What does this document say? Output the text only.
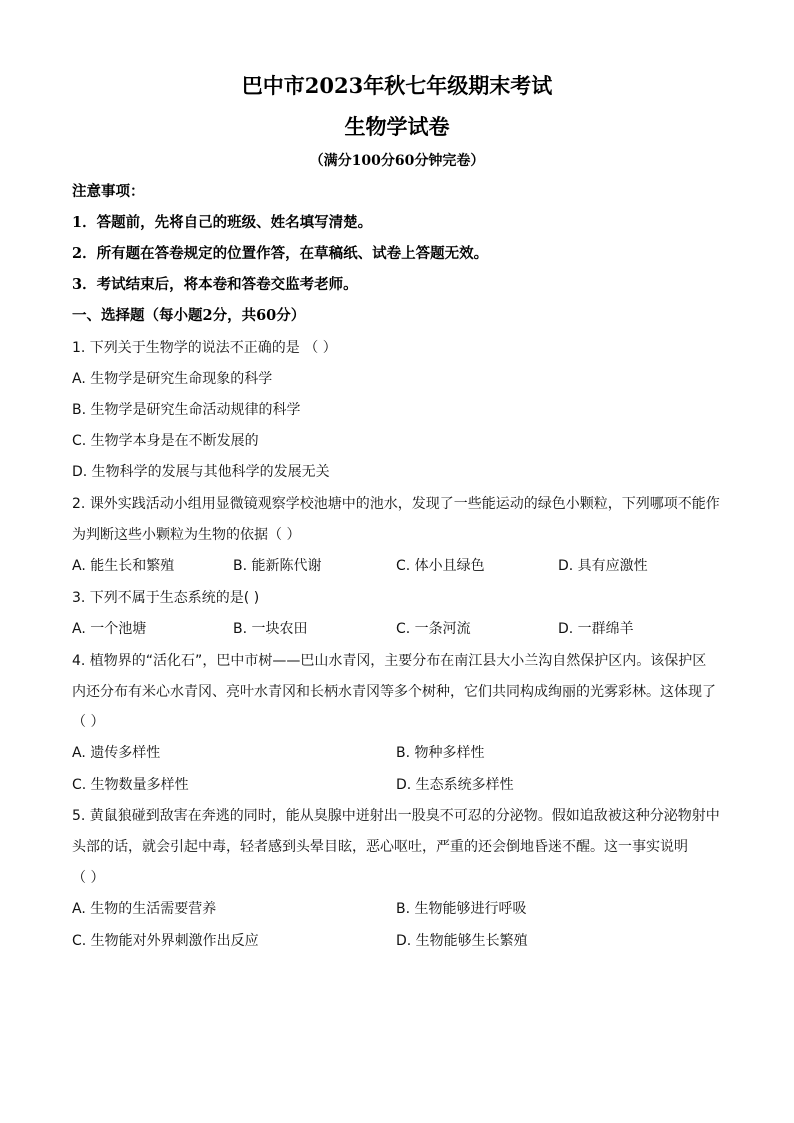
巴中市2023年秋七年级期末考试
生物学试卷
（满分100分60分钟完卷）
注意事项：
1．答题前，先将自己的班级、姓名填写清楚。
2．所有题在答卷规定的位置作答，在草稿纸、试卷上答题无效。
3．考试结束后，将本卷和答卷交监考老师。
一、选择题（每小题2分，共60分）
1. 下列关于生物学的说法不正确的是 （ ）
A. 生物学是研究生命现象的科学
B. 生物学是研究生命活动规律的科学
C. 生物学本身是在不断发展的
D. 生物科学的发展与其他科学的发展无关
2. 课外实践活动小组用显微镜观察学校池塘中的池水，发现了一些能运动的绿色小颗粒，下列哪项不能作
为判断这些小颗粒为生物的依据（ ）
A. 能生长和繁殖	B. 能新陈代谢	C. 体小且绿色	D. 具有应激性
3. 下列不属于生态系统的是( )
A. 一个池塘	B. 一块农田	C. 一条河流	D. 一群绵羊
4. 植物界的“活化石”，巴中市树——巴山水青冈，主要分布在南江县大小兰沟自然保护区内。该保护区
内还分布有米心水青冈、亮叶水青冈和长柄水青冈等多个树种，它们共同构成绚丽的光雾彩林。这体现了
（ ）
A. 遗传多样性	B. 物种多样性
C. 生物数量多样性	D. 生态系统多样性
5. 黄鼠狼碰到敌害在奔逃的同时，能从臭腺中迸射出一股臭不可忍的分泌物。假如追敌被这种分泌物射中
头部的话，就会引起中毒，轻者感到头晕目眩，恶心呕吐，严重的还会倒地昏迷不醒。这一事实说明
（ ）
A. 生物的生活需要营养	B. 生物能够进行呼吸
C. 生物能对外界刺激作出反应	D. 生物能够生长繁殖
